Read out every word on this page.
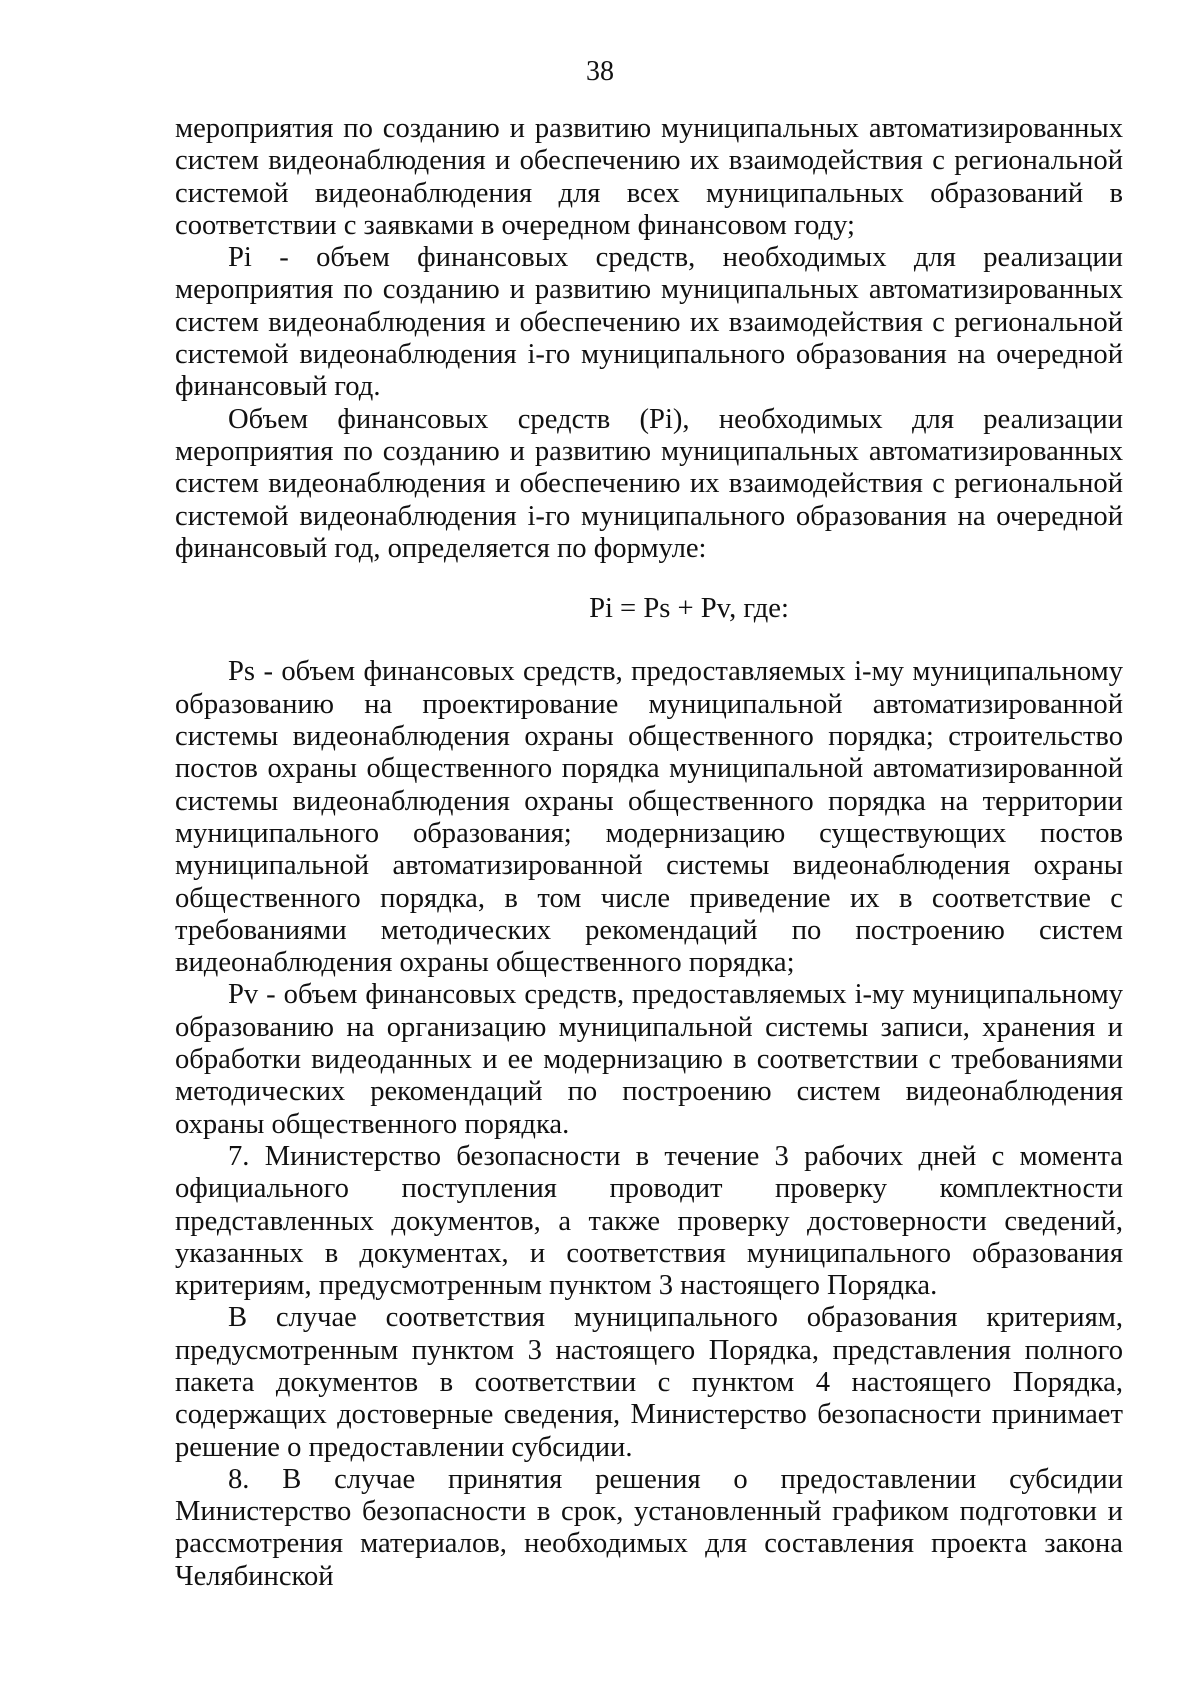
38

мероприятия по созданию и развитию муниципальных автоматизированных систем видеонаблюдения и обеспечению их взаимодействия с региональной системой видеонаблюдения для всех муниципальных образований в соответствии с заявками в очередном финансовом году;

Pi - объем финансовых средств, необходимых для реализации мероприятия по созданию и развитию муниципальных автоматизированных систем видеонаблюдения и обеспечению их взаимодействия с региональной системой видеонаблюдения i-го муниципального образования на очередной финансовый год.

Объем финансовых средств (Pi), необходимых для реализации мероприятия по созданию и развитию муниципальных автоматизированных систем видеонаблюдения и обеспечению их взаимодействия с региональной системой видеонаблюдения i-го муниципального образования на очередной финансовый год, определяется по формуле:

Pi = Ps + Pv, где:

Ps - объем финансовых средств, предоставляемых i-му муниципальному образованию на проектирование муниципальной автоматизированной системы видеонаблюдения охраны общественного порядка; строительство постов охраны общественного порядка муниципальной автоматизированной системы видеонаблюдения охраны общественного порядка на территории муниципального образования; модернизацию существующих постов муниципальной автоматизированной системы видеонаблюдения охраны общественного порядка, в том числе приведение их в соответствие с требованиями методических рекомендаций по построению систем видеонаблюдения охраны общественного порядка;

Pv - объем финансовых средств, предоставляемых i-му муниципальному образованию на организацию муниципальной системы записи, хранения и обработки видеоданных и ее модернизацию в соответствии с требованиями методических рекомендаций по построению систем видеонаблюдения охраны общественного порядка.

7. Министерство безопасности в течение 3 рабочих дней с момента официального поступления проводит проверку комплектности представленных документов, а также проверку достоверности сведений, указанных в документах, и соответствия муниципального образования критериям, предусмотренным пунктом 3 настоящего Порядка.

В случае соответствия муниципального образования критериям, предусмотренным пунктом 3 настоящего Порядка, представления полного пакета документов в соответствии с пунктом 4 настоящего Порядка, содержащих достоверные сведения, Министерство безопасности принимает решение о предоставлении субсидии.

8. В случае принятия решения о предоставлении субсидии Министерство безопасности в срок, установленный графиком подготовки и рассмотрения материалов, необходимых для составления проекта закона Челябинской
